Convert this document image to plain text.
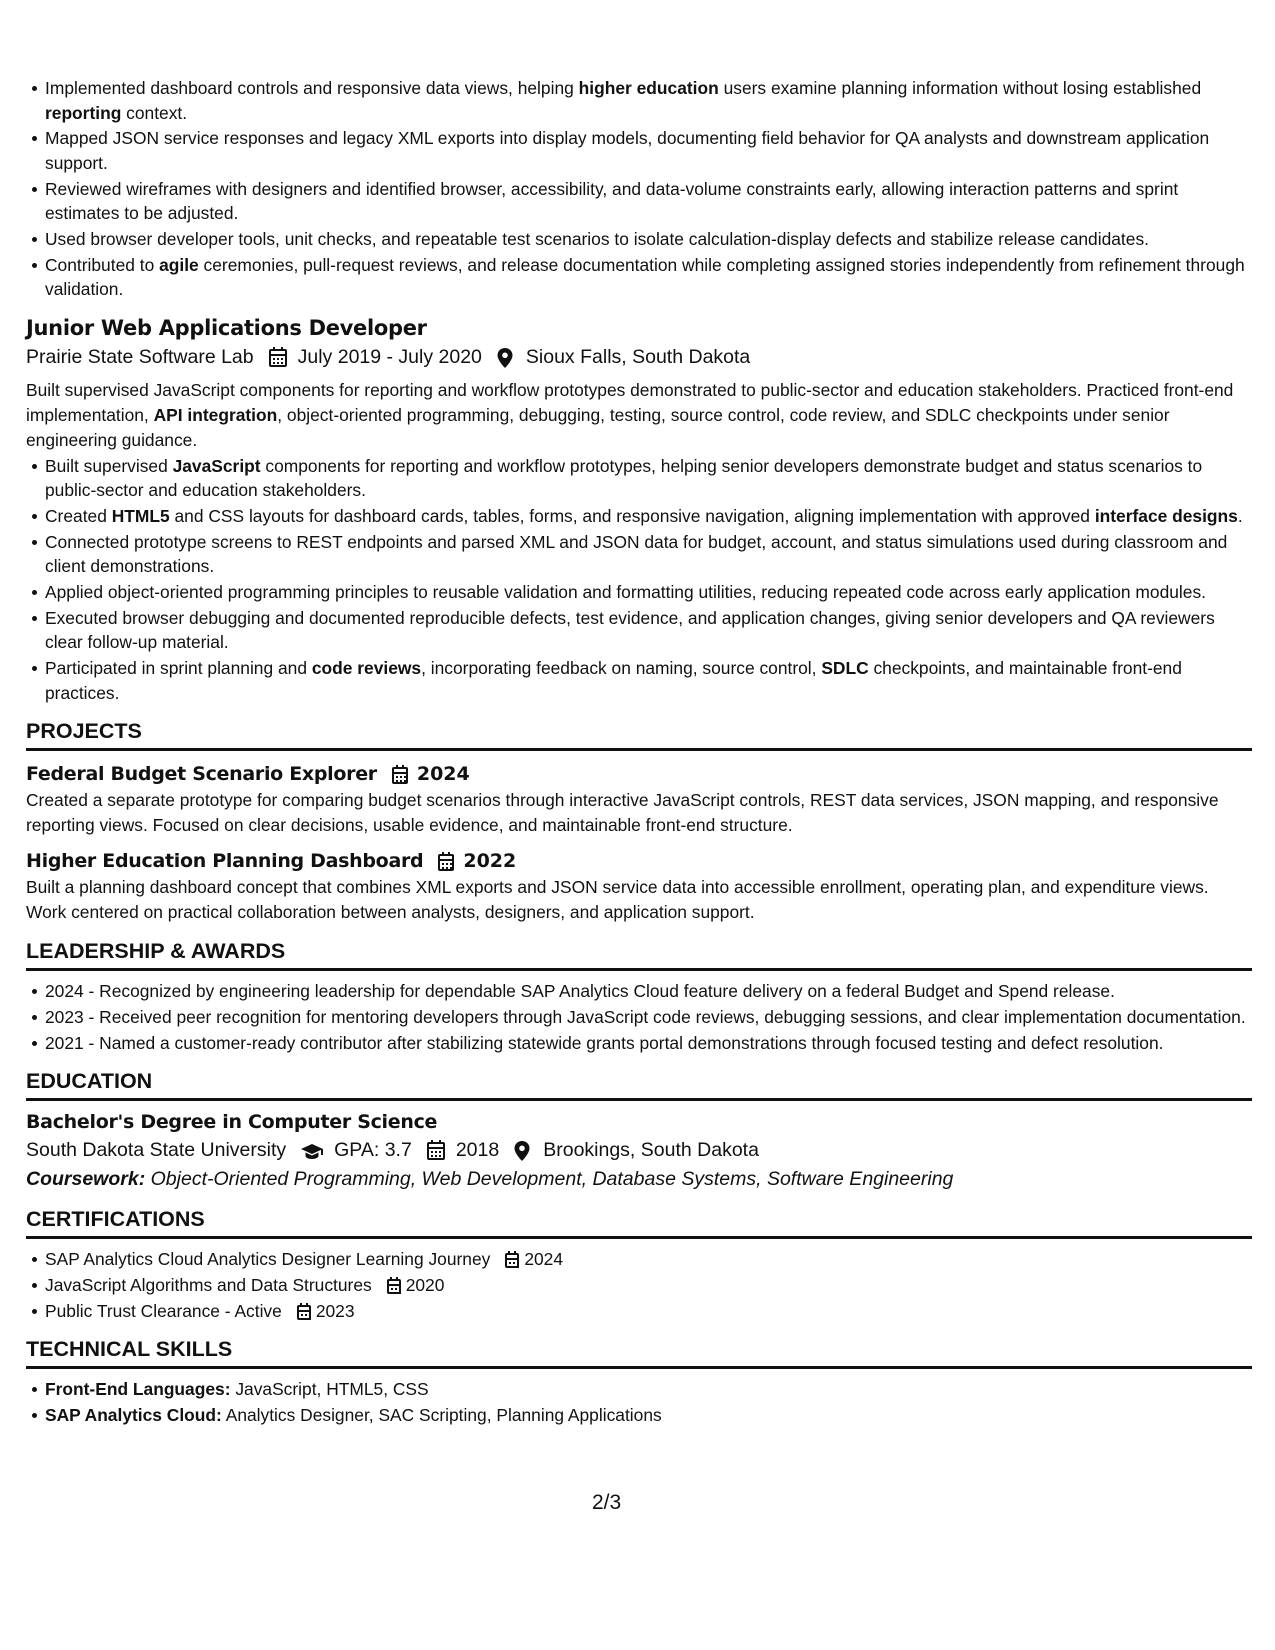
Implemented dashboard controls and responsive data views, helping higher education users examine planning information without losing established reporting context.
Mapped JSON service responses and legacy XML exports into display models, documenting field behavior for QA analysts and downstream application support.
Reviewed wireframes with designers and identified browser, accessibility, and data-volume constraints early, allowing interaction patterns and sprint estimates to be adjusted.
Used browser developer tools, unit checks, and repeatable test scenarios to isolate calculation-display defects and stabilize release candidates.
Contributed to agile ceremonies, pull-request reviews, and release documentation while completing assigned stories independently from refinement through validation.
Junior Web Applications Developer
Prairie State Software Lab July 2019 - July 2020 Sioux Falls, South Dakota
Built supervised JavaScript components for reporting and workflow prototypes demonstrated to public-sector and education stakeholders. Practiced front-end implementation, API integration, object-oriented programming, debugging, testing, source control, code review, and SDLC checkpoints under senior engineering guidance.
Built supervised JavaScript components for reporting and workflow prototypes, helping senior developers demonstrate budget and status scenarios to public-sector and education stakeholders.
Created HTML5 and CSS layouts for dashboard cards, tables, forms, and responsive navigation, aligning implementation with approved interface designs.
Connected prototype screens to REST endpoints and parsed XML and JSON data for budget, account, and status simulations used during classroom and client demonstrations.
Applied object-oriented programming principles to reusable validation and formatting utilities, reducing repeated code across early application modules.
Executed browser debugging and documented reproducible defects, test evidence, and application changes, giving senior developers and QA reviewers clear follow-up material.
Participated in sprint planning and code reviews, incorporating feedback on naming, source control, SDLC checkpoints, and maintainable front-end practices.
PROJECTS
Federal Budget Scenario Explorer 2024
Created a separate prototype for comparing budget scenarios through interactive JavaScript controls, REST data services, JSON mapping, and responsive reporting views. Focused on clear decisions, usable evidence, and maintainable front-end structure.
Higher Education Planning Dashboard 2022
Built a planning dashboard concept that combines XML exports and JSON service data into accessible enrollment, operating plan, and expenditure views. Work centered on practical collaboration between analysts, designers, and application support.
LEADERSHIP & AWARDS
2024 - Recognized by engineering leadership for dependable SAP Analytics Cloud feature delivery on a federal Budget and Spend release.
2023 - Received peer recognition for mentoring developers through JavaScript code reviews, debugging sessions, and clear implementation documentation.
2021 - Named a customer-ready contributor after stabilizing statewide grants portal demonstrations through focused testing and defect resolution.
EDUCATION
Bachelor's Degree in Computer Science
South Dakota State University GPA: 3.7 2018 Brookings, South Dakota
Coursework: Object-Oriented Programming, Web Development, Database Systems, Software Engineering
CERTIFICATIONS
SAP Analytics Cloud Analytics Designer Learning Journey 2024
JavaScript Algorithms and Data Structures 2020
Public Trust Clearance - Active 2023
TECHNICAL SKILLS
Front-End Languages: JavaScript, HTML5, CSS
SAP Analytics Cloud: Analytics Designer, SAC Scripting, Planning Applications
2/3
